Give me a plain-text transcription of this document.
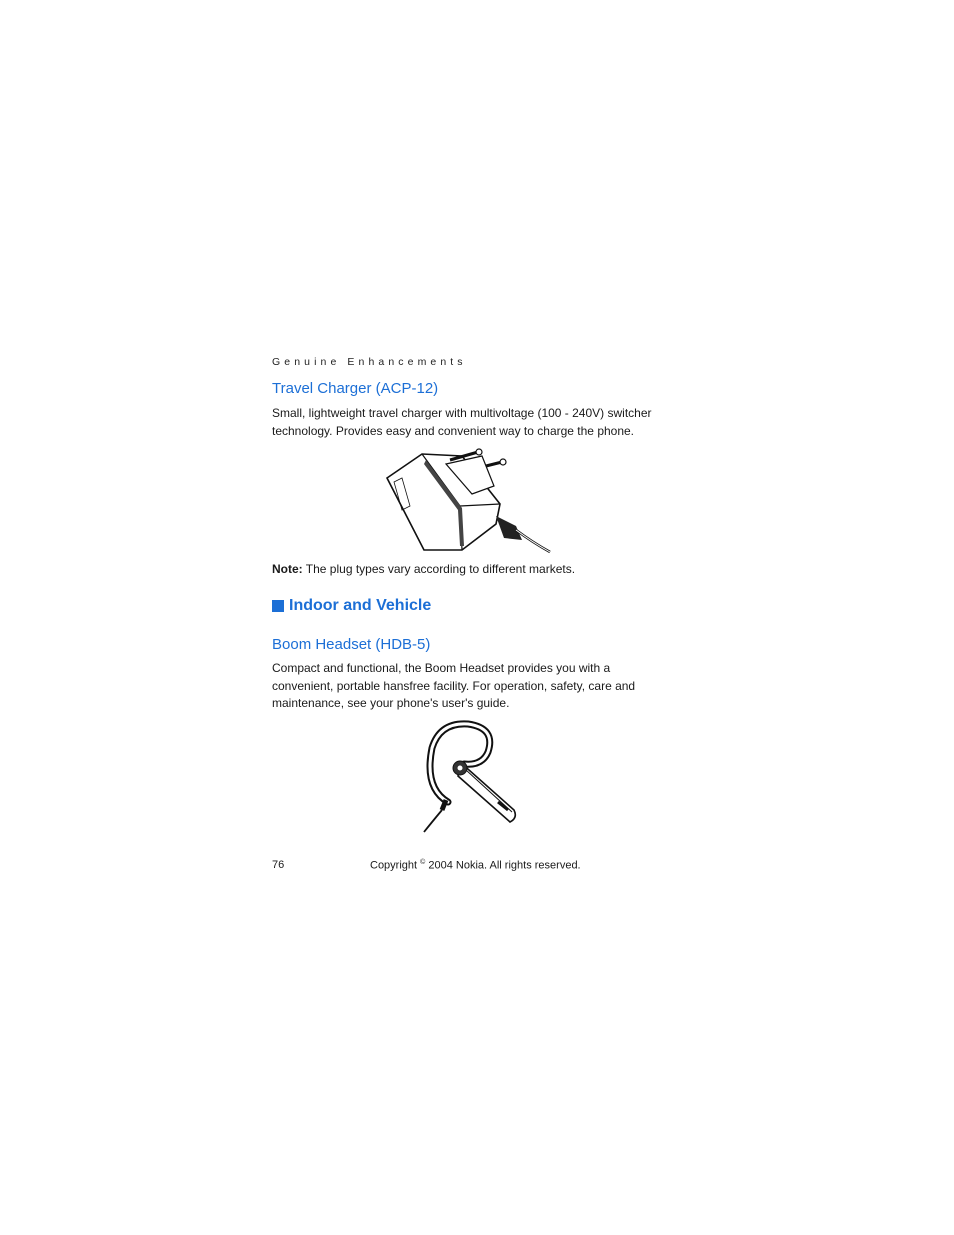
Genuine Enhancements
Travel Charger (ACP-12)

Small, lightweight travel charger with multivoltage (100 - 240V) switcher technology. Provides easy and convenient way to charge the phone.

Note: The plug types vary according to different markets.

Indoor and Vehicle
Boom Headset (HDB-5)

Compact and functional, the Boom Headset provides you with a convenient, portable hansfree facility. For operation, safety, care and maintenance, see your phone's user's guide.

76	Copyright © 2004 Nokia. All rights reserved.
